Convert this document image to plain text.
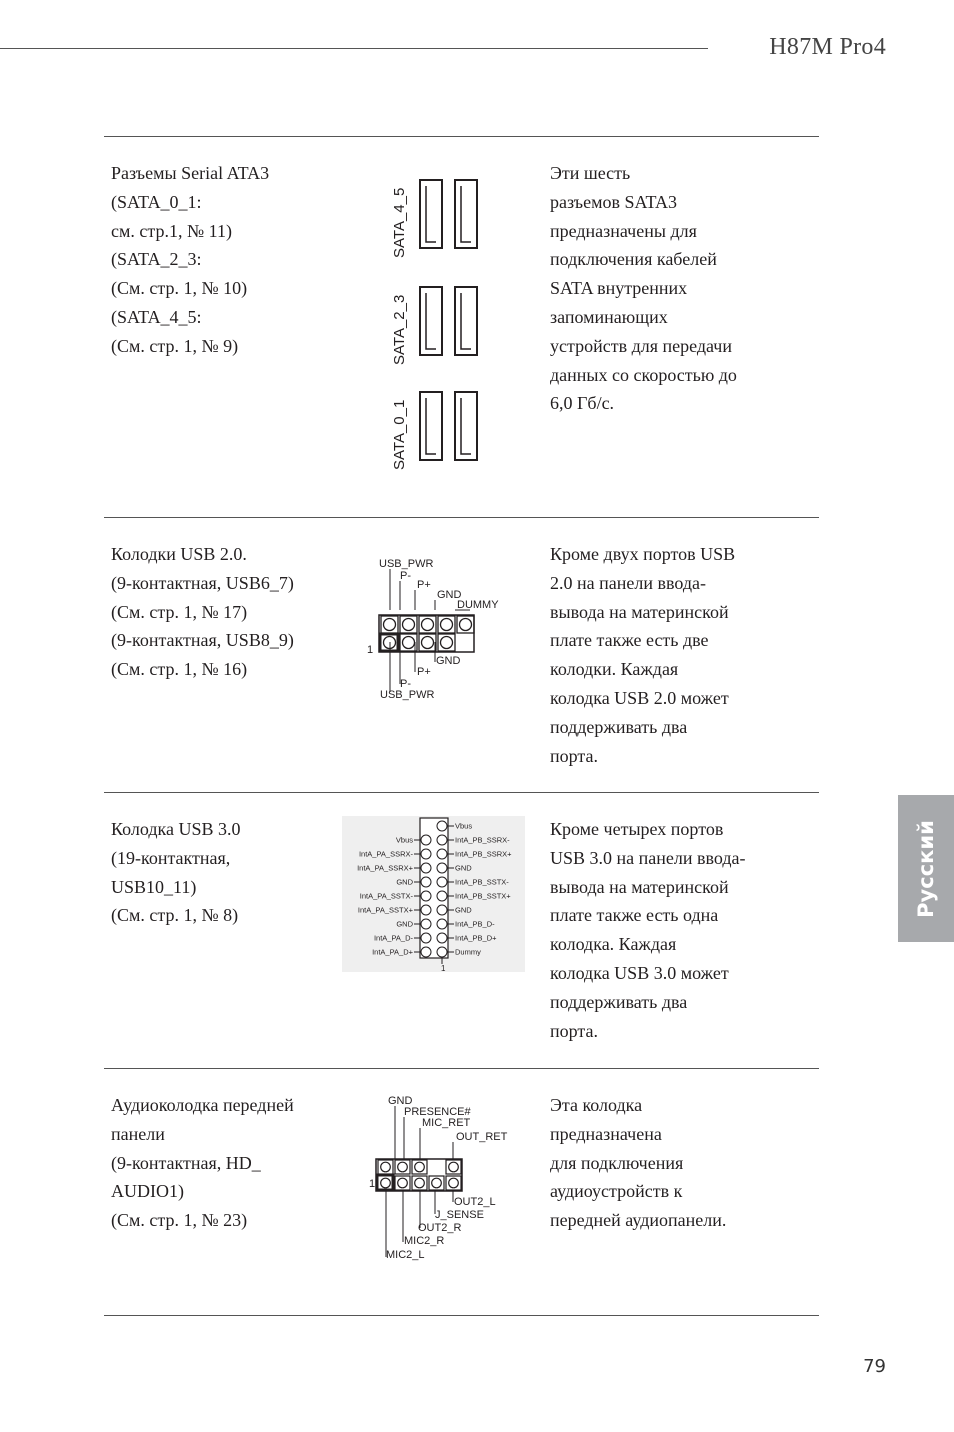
H87M Pro4
Разъемы Serial ATA3
(SATA_0_1:
см. стр.1, № 11)
(SATA_2_3:
(См. стр. 1, № 10)
(SATA_4_5:
(См. стр. 1, № 9)
Эти шесть
разъемов SATA3
предназначены для
подключения кабелей
SATA внутренних
запоминающих
устройств для передачи
данных со скоростью до
6,0 Гб/с.
SATA_4_5
SATA_2_3
SATA_0_1
Колодки USB 2.0.
(9-контактная, USB6_7)
(См. стр. 1, № 17)
(9-контактная, USB8_9)
(См. стр. 1, № 16)
Кроме двух портов USB
2.0 на панели ввода-
вывода на материнской
плате также есть две
колодки. Каждая
колодка USB 2.0 может
поддерживать два
порта.
USB_PWR
P-
P+
GND
DUMMY
1
GND
P+
P-
USB_PWR
Колодка USB 3.0
(19-контактная,
USB10_11)
(См. стр. 1, № 8)
Кроме четырех портов
USB 3.0 на панели ввода-
вывода на материнской
плате также есть одна
колодка. Каждая
колодка USB 3.0 может
поддерживать два
порта.
Vbus
IntA_PA_SSRX-
IntA_PA_SSRX+
GND
IntA_PA_SSTX-
IntA_PA_SSTX+
GND
IntA_PA_D-
IntA_PA_D+
Vbus
IntA_PB_SSRX-
IntA_PB_SSRX+
GND
IntA_PB_SSTX-
IntA_PB_SSTX+
GND
IntA_PB_D-
IntA_PB_D+
Dummy
1
Аудиоколодка передней
панели
(9-контактная, HD_
AUDIO1)
(См. стр. 1, № 23)
Эта колодка
предназначена
для подключения
аудиоустройств к
передней аудиопанели.
GND
PRESENCE#
MIC_RET
OUT_RET
1
OUT2_L
J_SENSE
OUT2_R
MIC2_R
MIC2_L
Русский
79
